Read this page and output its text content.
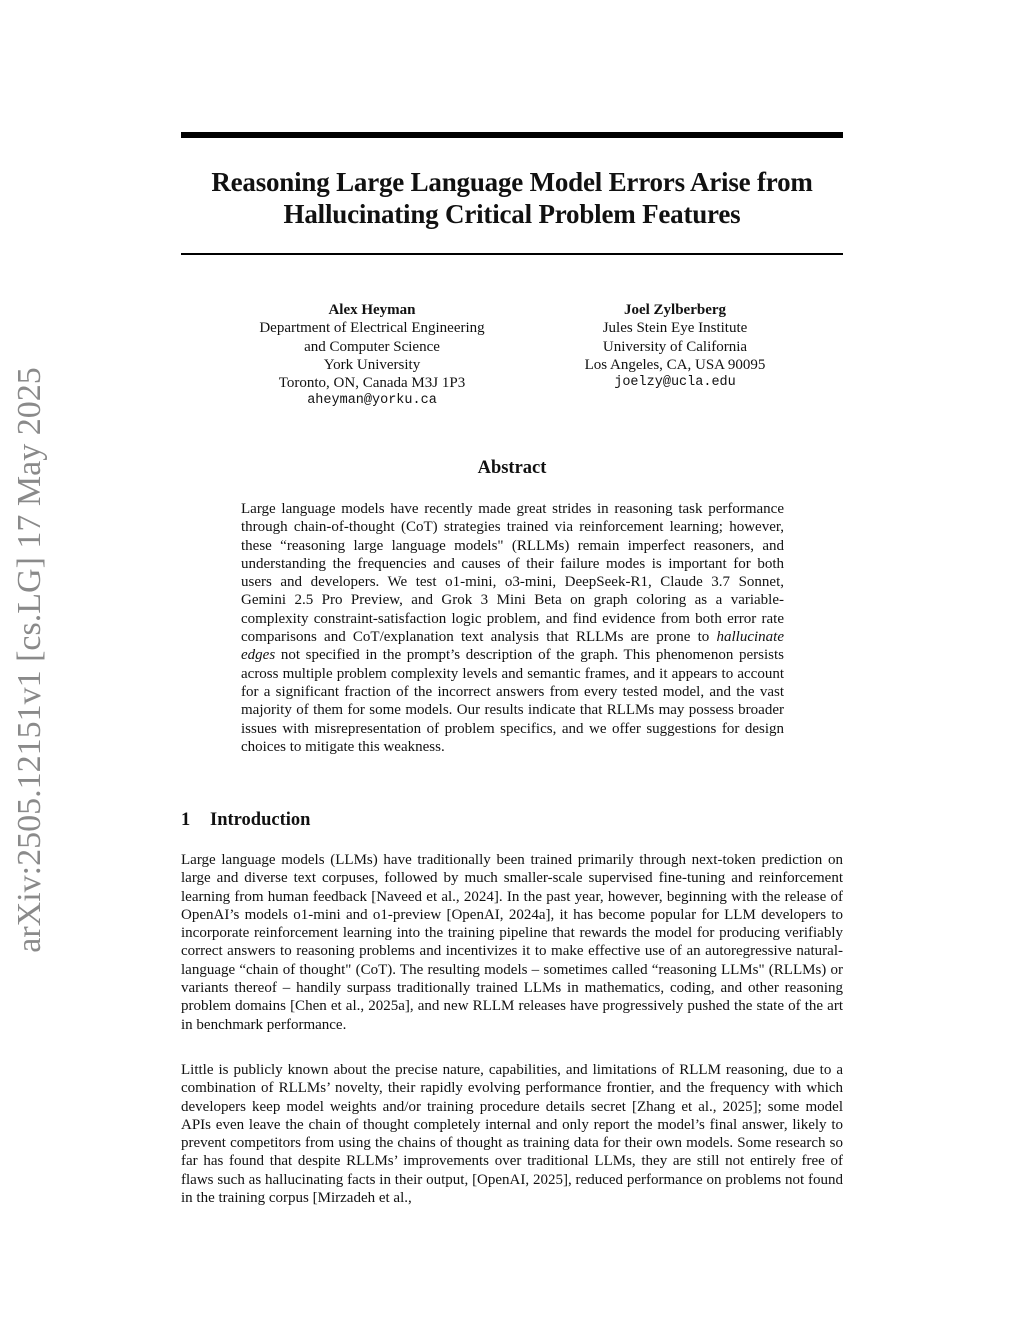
arXiv:2505.12151v1 [cs.LG] 17 May 2025
Reasoning Large Language Model Errors Arise from
Hallucinating Critical Problem Features
Alex Heyman
Department of Electrical Engineering
and Computer Science
York University
Toronto, ON, Canada M3J 1P3
aheyman@yorku.ca
Joel Zylberberg
Jules Stein Eye Institute
University of California
Los Angeles, CA, USA 90095
joelzy@ucla.edu
Abstract

Large language models have recently made great strides in reasoning task performance through chain-of-thought (CoT) strategies trained via reinforcement learning; however, these “reasoning large language models" (RLLMs) remain imperfect reasoners, and understanding the frequencies and causes of their failure modes is important for both users and developers. We test o1-mini, o3-mini, DeepSeek-R1, Claude 3.7 Sonnet, Gemini 2.5 Pro Preview, and Grok 3 Mini Beta on graph coloring as a variable-complexity constraint-satisfaction logic problem, and find evidence from both error rate comparisons and CoT/explanation text analysis that RLLMs are prone to hallucinate edges not specified in the prompt’s description of the graph. This phenomenon persists across multiple problem complexity levels and semantic frames, and it appears to account for a significant fraction of the incorrect answers from every tested model, and the vast majority of them for some models. Our results indicate that RLLMs may possess broader issues with misrepresentation of problem specifics, and we offer suggestions for design choices to mitigate this weakness.

1 Introduction

Large language models (LLMs) have traditionally been trained primarily through next-token prediction on large and diverse text corpuses, followed by much smaller-scale supervised fine-tuning and reinforcement learning from human feedback [Naveed et al., 2024]. In the past year, however, beginning with the release of OpenAI’s models o1-mini and o1-preview [OpenAI, 2024a], it has become popular for LLM developers to incorporate reinforcement learning into the training pipeline that rewards the model for producing verifiably correct answers to reasoning problems and incentivizes it to make effective use of an autoregressive natural-language “chain of thought" (CoT). The resulting models – sometimes called “reasoning LLMs" (RLLMs) or variants thereof – handily surpass traditionally trained LLMs in mathematics, coding, and other reasoning problem domains [Chen et al., 2025a], and new RLLM releases have progressively pushed the state of the art in benchmark performance.

Little is publicly known about the precise nature, capabilities, and limitations of RLLM reasoning, due to a combination of RLLMs’ novelty, their rapidly evolving performance frontier, and the frequency with which developers keep model weights and/or training procedure details secret [Zhang et al., 2025]; some model APIs even leave the chain of thought completely internal and only report the model’s final answer, likely to prevent competitors from using the chains of thought as training data for their own models. Some research so far has found that despite RLLMs’ improvements over traditional LLMs, they are still not entirely free of flaws such as hallucinating facts in their output, [OpenAI, 2025], reduced performance on problems not found in the training corpus [Mirzadeh et al.,
